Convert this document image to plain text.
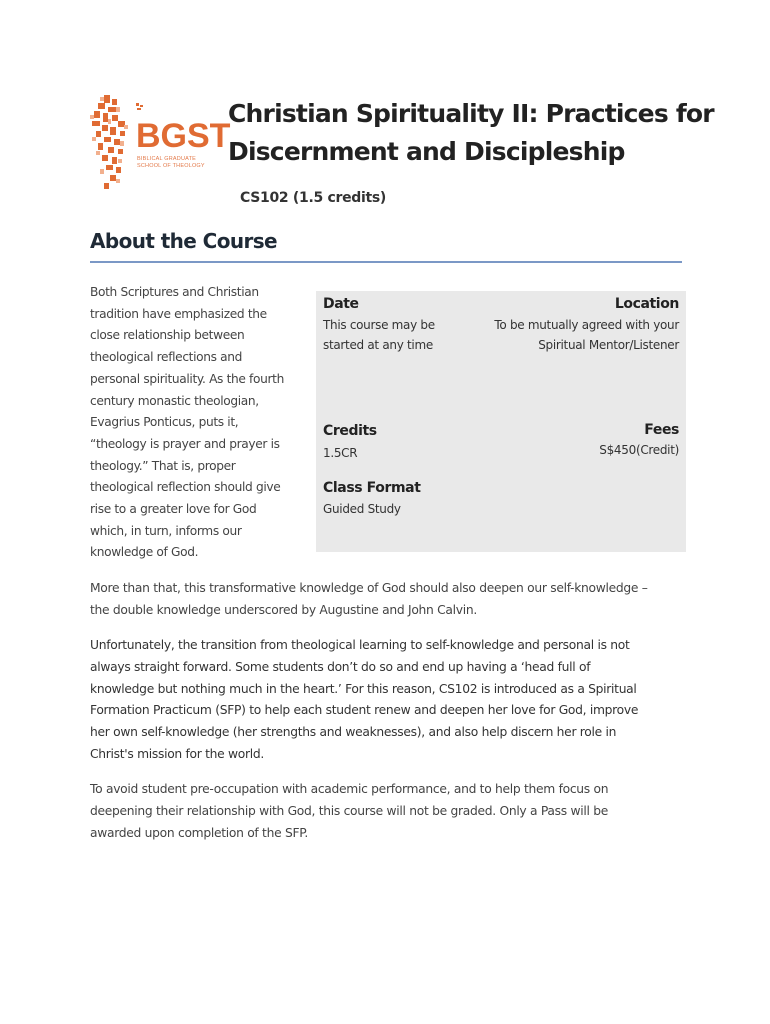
BGST
BIBLICAL GRADUATE SCHOOL OF THEOLOGY
Christian Spirituality II: Practices for
Discernment and Discipleship
CS102 (1.5 credits)
About the Course
Both Scriptures and Christian
tradition have emphasized the
close relationship between
theological reflections and
personal spirituality. As the fourth
century monastic theologian,
Evagrius Ponticus, puts it,
“theology is prayer and prayer is
theology.” That is, proper
theological reflection should give
rise to a greater love for God
which, in turn, informs our
knowledge of God.
Date
This course may be
started at any time
Location
To be mutually agreed with your
Spiritual Mentor/Listener
Credits
1.5CR
Fees
S$450(Credit)
Class Format
Guided Study
More than that, this transformative knowledge of God should also deepen our self-knowledge –
the double knowledge underscored by Augustine and John Calvin.
Unfortunately, the transition from theological learning to self-knowledge and personal is not
always straight forward. Some students don’t do so and end up having a ‘head full of
knowledge but nothing much in the heart.’ For this reason, CS102 is introduced as a Spiritual
Formation Practicum (SFP) to help each student renew and deepen her love for God, improve
her own self-knowledge (her strengths and weaknesses), and also help discern her role in
Christ's mission for the world.
To avoid student pre-occupation with academic performance, and to help them focus on
deepening their relationship with God, this course will not be graded. Only a Pass will be
awarded upon completion of the SFP.
